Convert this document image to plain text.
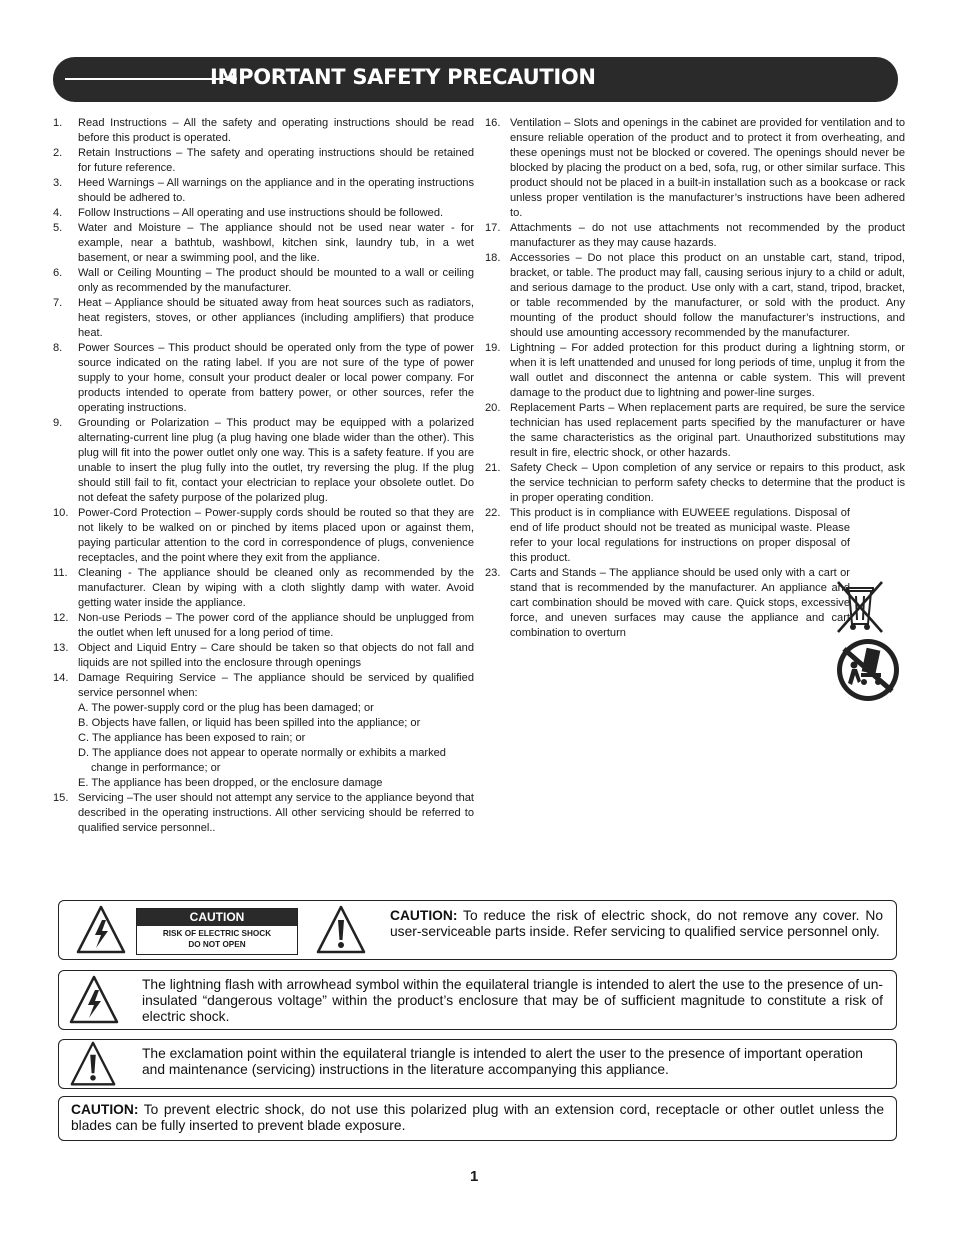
IMPORTANT SAFETY PRECAUTION
1. Read Instructions – All the safety and operating instructions should be read before this product is operated.
2. Retain Instructions – The safety and operating instructions should be retained for future reference.
3. Heed Warnings – All warnings on the appliance and in the operating instructions should be adhered to.
4. Follow Instructions – All operating and use instructions should be followed.
5. Water and Moisture – The appliance should not be used near water - for example, near a bathtub, washbowl, kitchen sink, laundry tub, in a wet basement, or near a swimming pool, and the like.
6. Wall or Ceiling Mounting – The product should be mounted to a wall or ceiling only as recommended by the manufacturer.
7. Heat – Appliance should be situated away from heat sources such as radiators, heat registers, stoves, or other appliances (including amplifiers) that produce heat.
8. Power Sources – This product should be operated only from the type of power source indicated on the rating label. If you are not sure of the type of power supply to your home, consult your product dealer or local power company. For products intended to operate from battery power, or other sources, refer the operating instructions.
9. Grounding or Polarization – This product may be equipped with a polarized alternating-current line plug (a plug having one blade wider than the other). This plug will fit into the power outlet only one way. This is a safety feature. If you are unable to insert the plug fully into the outlet, try reversing the plug. If the plug should still fail to fit, contact your electrician to replace your obsolete outlet. Do not defeat the safety purpose of the polarized plug.
10. Power-Cord Protection – Power-supply cords should be routed so that they are not likely to be walked on or pinched by items placed upon or against them, paying particular attention to the cord in correspondence of plugs, convenience receptacles, and the point where they exit from the appliance.
11. Cleaning - The appliance should be cleaned only as recommended by the manufacturer. Clean by wiping with a cloth slightly damp with water. Avoid getting water inside the appliance.
12. Non-use Periods – The power cord of the appliance should be unplugged from the outlet when left unused for a long period of time.
13. Object and Liquid Entry – Care should be taken so that objects do not fall and liquids are not spilled into the enclosure through openings
14. Damage Requiring Service – The appliance should be serviced by qualified service personnel when:
A. The power-supply cord or the plug has been damaged; or
B. Objects have fallen, or liquid has been spilled into the appliance; or
C. The appliance has been exposed to rain; or
D. The appliance does not appear to operate normally or exhibits a marked change in performance; or
E. The appliance has been dropped, or the enclosure damage
15. Servicing –The user should not attempt any service to the appliance beyond that described in the operating instructions. All other servicing should be referred to qualified service personnel..
16. Ventilation – Slots and openings in the cabinet are provided for ventilation and to ensure reliable operation of the product and to protect it from overheating, and these openings must not be blocked or covered. The openings should never be blocked by placing the product on a bed, sofa, rug, or other similar surface. This product should not be placed in a built-in installation such as a bookcase or rack unless proper ventilation is the manufacturer’s instructions have been adhered to.
17. Attachments – do not use attachments not recommended by the product manufacturer as they may cause hazards.
18. Accessories – Do not place this product on an unstable cart, stand, tripod, bracket, or table. The product may fall, causing serious injury to a child or adult, and serious damage to the product. Use only with a cart, stand, tripod, bracket, or table recommended by the manufacturer, or sold with the product. Any mounting of the product should follow the manufacturer’s instructions, and should use amounting accessory recommended by the manufacturer.
19. Lightning – For added protection for this product during a lightning storm, or when it is left unattended and unused for long periods of time, unplug it from the wall outlet and disconnect the antenna or cable system. This will prevent damage to the product due to lightning and power-line surges.
20. Replacement Parts – When replacement parts are required, be sure the service technician has used replacement parts specified by the manufacturer or have the same characteristics as the original part. Unauthorized substitutions may result in fire, electric shock, or other hazards.
21. Safety Check – Upon completion of any service or repairs to this product, ask the service technician to perform safety checks to determine that the product is in proper operating condition.
22. This product is in compliance with EUWEEE regulations. Disposal of end of life product should not be treated as municipal waste. Please refer to your local regulations for instructions on proper disposal of this product.
23. Carts and Stands – The appliance should be used only with a cart or stand that is recommended by the manufacturer. An appliance and cart combination should be moved with care. Quick stops, excessive force, and uneven surfaces may cause the appliance and cart combination to overturn
CAUTION
RISK OF ELECTRIC SHOCK
DO NOT OPEN
CAUTION: To reduce the risk of electric shock, do not remove any cover. No user-serviceable parts inside. Refer servicing to qualified service personnel only.
The lightning flash with arrowhead symbol within the equilateral triangle is intended to alert the use to the presence of un-insulated “dangerous voltage” within the product’s enclosure that may be of sufficient magnitude to constitute a risk of electric shock.
The exclamation point within the equilateral triangle is intended to alert the user to the presence of important operation and maintenance (servicing) instructions in the literature accompanying this appliance.
CAUTION: To prevent electric shock, do not use this polarized plug with an extension cord, receptacle or other outlet unless the blades can be fully inserted to prevent blade exposure.
1
